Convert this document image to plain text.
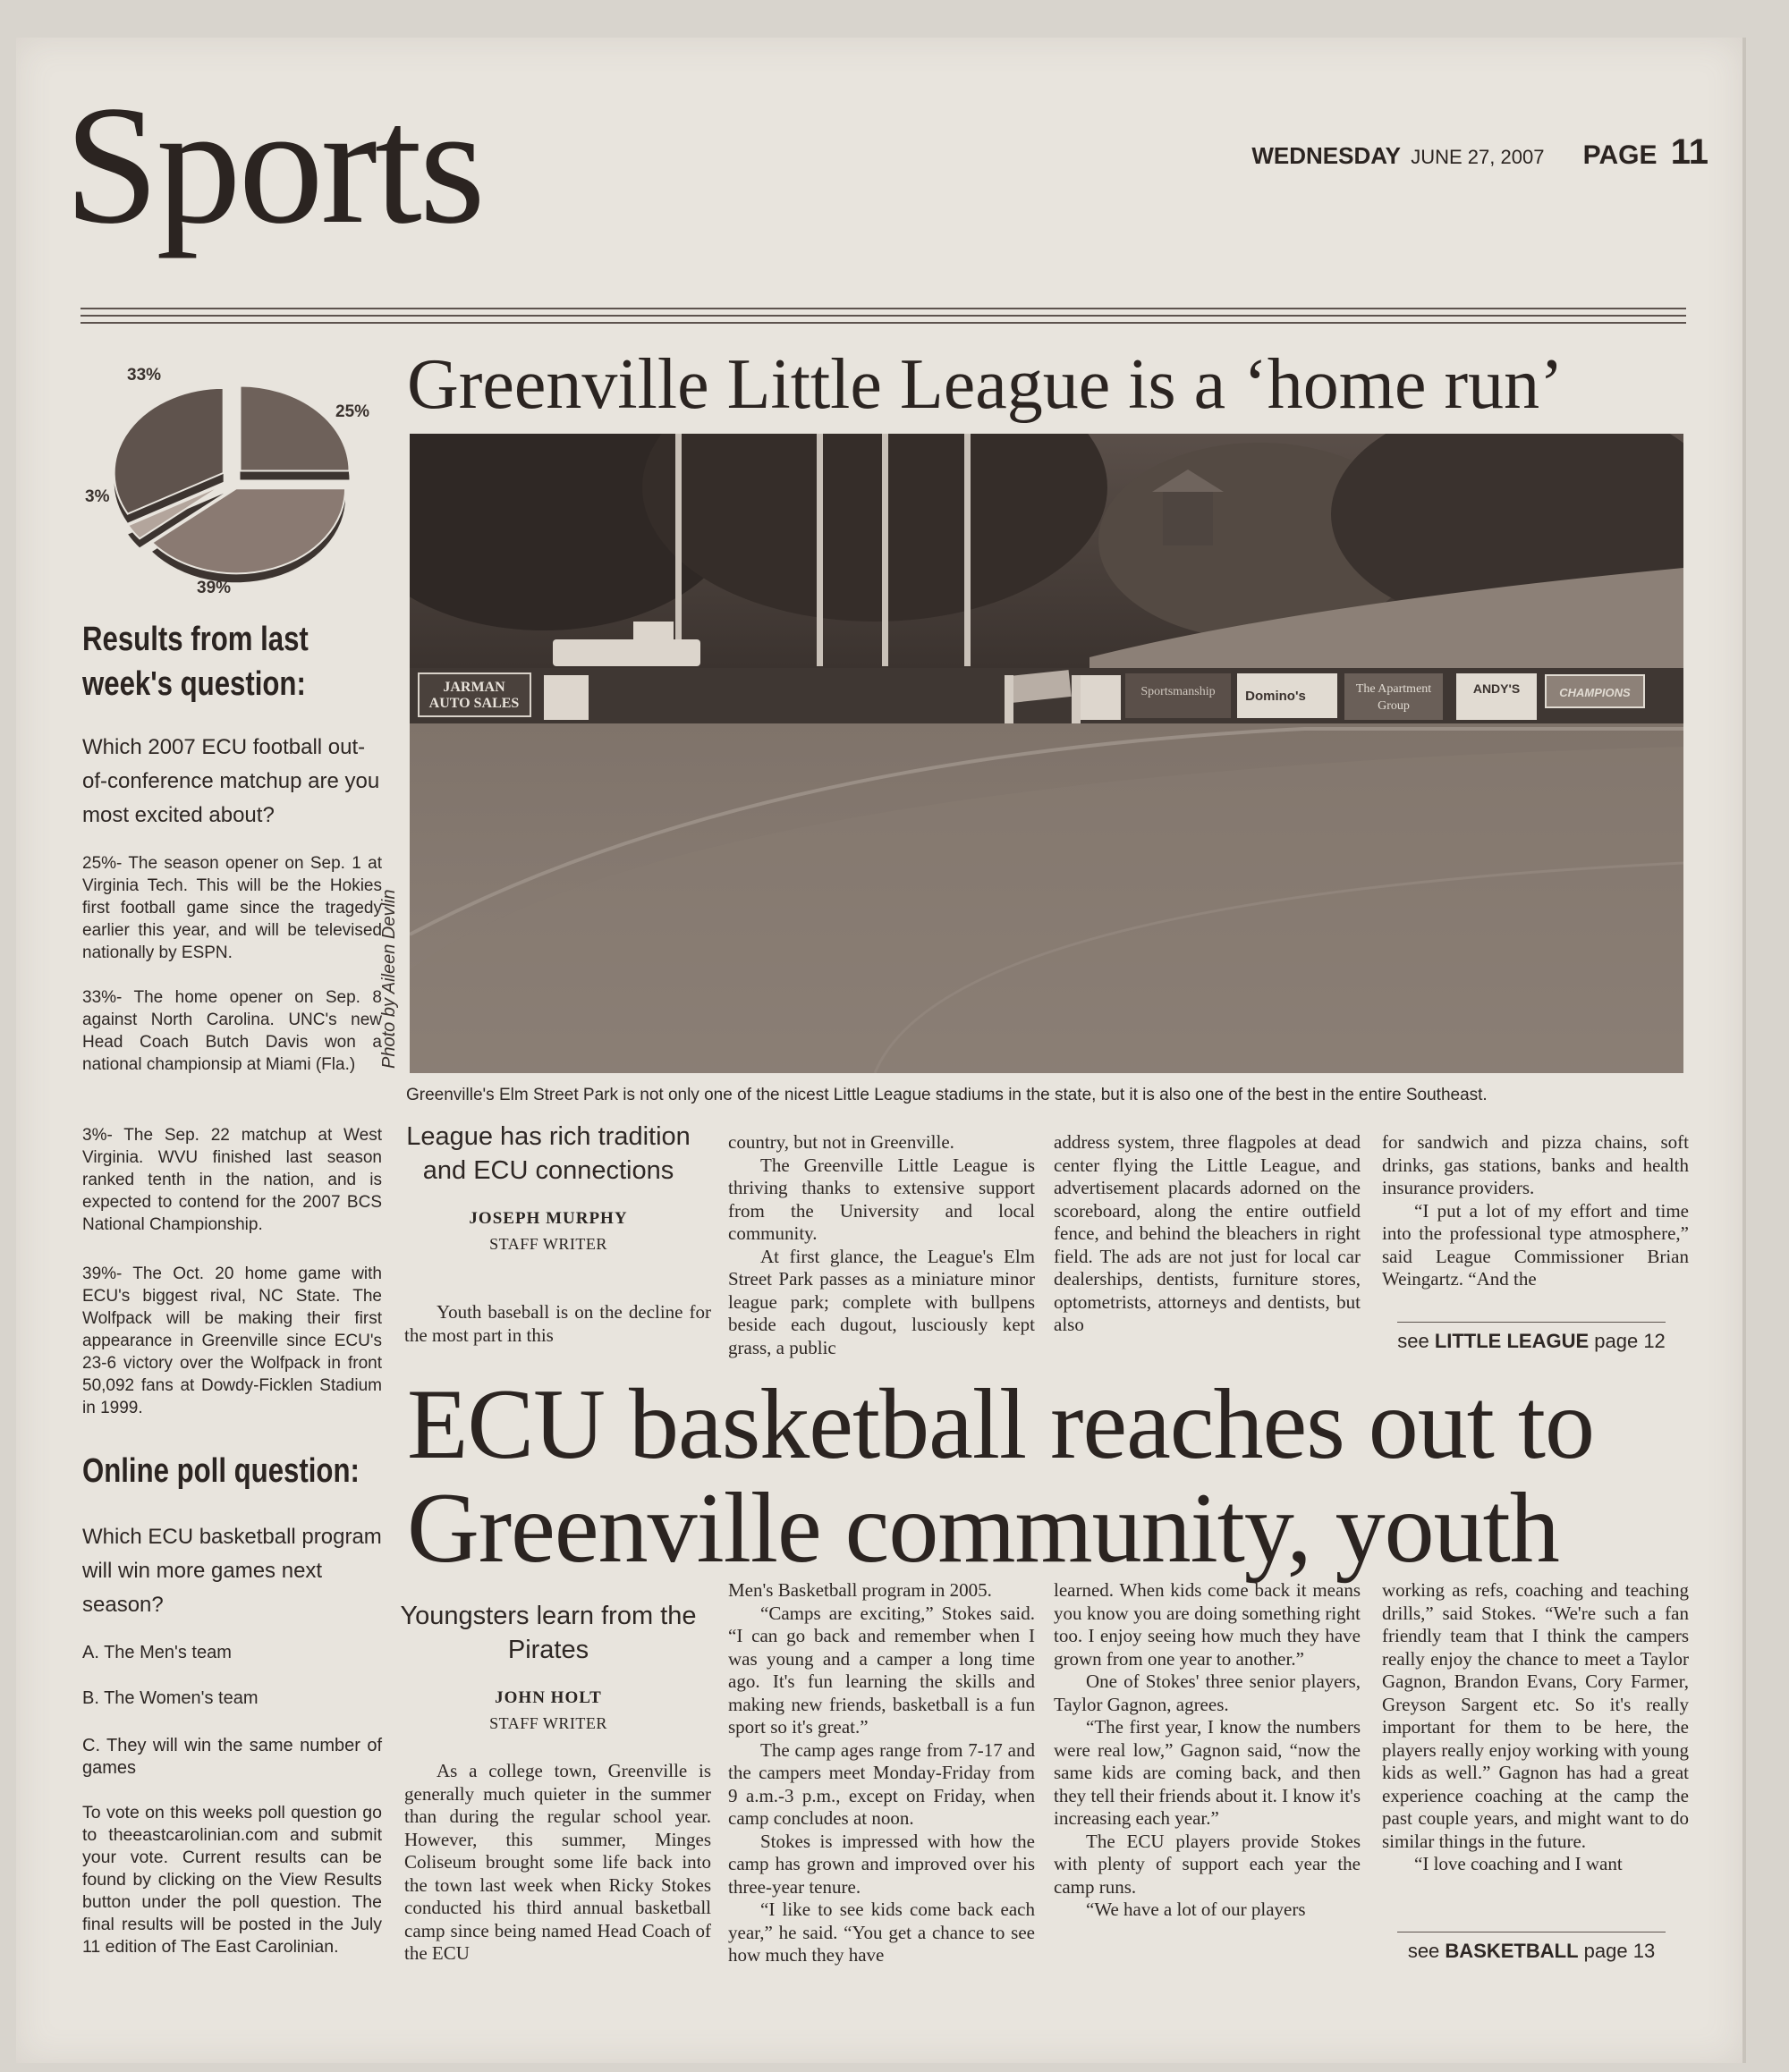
Sports	WEDNESDAY JUNE 27, 2007 PAGE 11
25%
39%
3%
33%
Results from last week's question:
Which 2007 ECU football out-of-conference matchup are you most excited about?
25%- The season opener on Sep. 1 at Virginia Tech. This will be the Hokies first football game since the tragedy earlier this year, and will be televised nationally by ESPN.
33%- The home opener on Sep. 8 against North Carolina. UNC's new Head Coach Butch Davis won a national championsip at Miami (Fla.)
3%- The Sep. 22 matchup at West Virginia. WVU finished last season ranked tenth in the nation, and is expected to contend for the 2007 BCS National Championship.
39%- The Oct. 20 home game with ECU's biggest rival, NC State. The Wolfpack will be making their first appearance in Greenville since ECU's 23-6 victory over the Wolfpack in front 50,092 fans at Dowdy-Ficklen Stadium in 1999.
Online poll question:
Which ECU basketball program will win more games next season?
A. The Men's team
B. The Women's team
C. They will win the same number of games
To vote on this weeks poll question go to theeastcarolinian.com and submit your vote. Current results can be found by clicking on the View Results button under the poll question. The final results will be posted in the July 11 edition of The East Carolinian.
Greenville Little League is a ‘home run’
JARMAN
AUTO SALES
Sportsmanship Domino's	The Apartment
Group
ANDY'S	CHAMPIONS
Greenville's Elm Street Park is not only one of the nicest Little League stadiums in the state, but it is also one of the best in the entire Southeast.
League has rich tradition and ECU connections
JOSEPH MURPHY
STAFF WRITER

Youth baseball is on the decline for the most part in this

country, but not in Greenville.

The Greenville Little League is thriving thanks to extensive support from the University and local community.

At first glance, the League's Elm Street Park passes as a miniature minor league park; complete with bullpens beside each dugout, lusciously kept grass, a public

address system, three flagpoles at dead center flying the Little League, and advertisement placards adorned on the scoreboard, along the entire outfield fence, and behind the bleachers in right field. The ads are not just for local car dealerships, dentists, furniture stores, optometrists, attorneys and dentists, but also

for sandwich and pizza chains, soft drinks, gas stations, banks and health insurance providers.

“I put a lot of my effort and time into the professional type atmosphere,” said League Commissioner Brian Weingartz. “And the

see LITTLE LEAGUE page 12
ECU basketball reaches out to Greenville community, youth
Youngsters learn from the Pirates
JOHN HOLT
STAFF WRITER

As a college town, Greenville is generally much quieter in the summer than during the regular school year. However, this summer, Minges Coliseum brought some life back into the town last week when Ricky Stokes conducted his third annual basketball camp since being named Head Coach of the ECU

Men's Basketball program in 2005.

“Camps are exciting,” Stokes said. “I can go back and remember when I was young and a camper a long time ago. It's fun learning the skills and making new friends, basketball is a fun sport so it's great.”

The camp ages range from 7-17 and the campers meet Monday-Friday from 9 a.m.-3 p.m., except on Friday, when camp concludes at noon.

Stokes is impressed with how the camp has grown and improved over his three-year tenure.

“I like to see kids come back each year,” he said. “You get a chance to see how much they have

learned. When kids come back it means you know you are doing something right too. I enjoy seeing how much they have grown from one year to another.”

One of Stokes' three senior players, Taylor Gagnon, agrees.

“The first year, I know the numbers were real low,” Gagnon said, “now the same kids are coming back, and then they tell their friends about it. I know it's increasing each year.”

The ECU players provide Stokes with plenty of support each year the camp runs.

“We have a lot of our players

working as refs, coaching and teaching drills,” said Stokes. “We're such a fan friendly team that I think the campers really enjoy the chance to meet a Taylor Gagnon, Brandon Evans, Cory Farmer, Greyson Sargent etc. So it's really important for them to be here, the players really enjoy working with young kids as well.” Gagnon has had a great experience coaching at the camp the past couple years, and might want to do similar things in the future.

“I love coaching and I want

see BASKETBALL page 13
